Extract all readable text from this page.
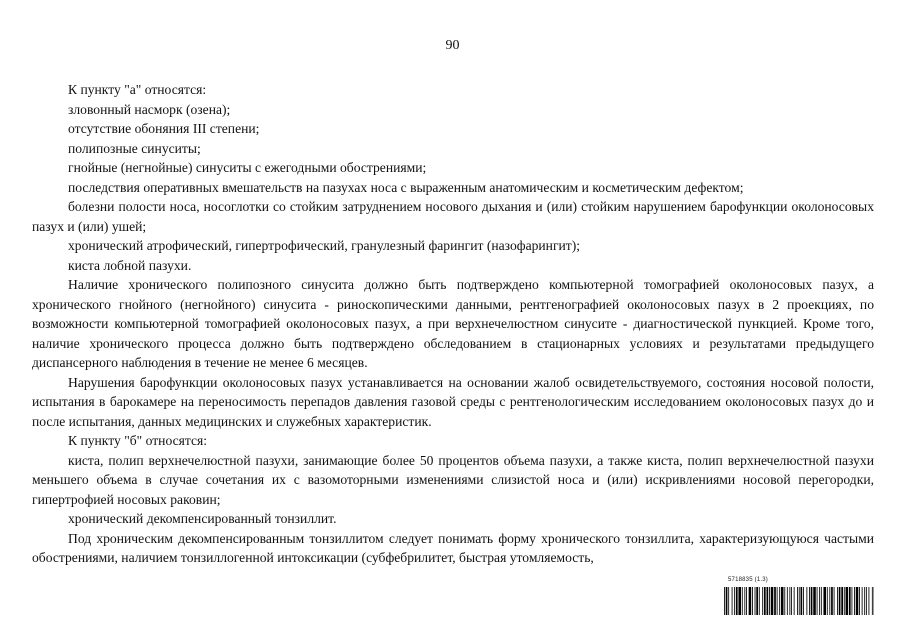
90

К пункту "а" относятся:

зловонный насморк (озена);

отсутствие обоняния III степени;

полипозные синуситы;

гнойные (негнойные) синуситы с ежегодными обострениями;

последствия оперативных вмешательств на пазухах носа с выраженным анатомическим и косметическим дефектом;

болезни полости носа, носоглотки со стойким затруднением носового дыхания и (или) стойким нарушением барофункции околоносовых пазух и (или) ушей;

хронический атрофический, гипертрофический, гранулезный фарингит (назофарингит);

киста лобной пазухи.

Наличие хронического полипозного синусита должно быть подтверждено компьютерной томографией околоносовых пазух, а хронического гнойного (негнойного) синусита - риноскопическими данными, рентгенографией околоносовых пазух в 2 проекциях, по возможности компьютерной томографией околоносовых пазух, а при верхнечелюстном синусите - диагностической пункцией. Кроме того, наличие хронического процесса должно быть подтверждено обследованием в стационарных условиях и результатами предыдущего диспансерного наблюдения в течение не менее 6 месяцев.

Нарушения барофункции околоносовых пазух устанавливается на основании жалоб освидетельствуемого, состояния носовой полости, испытания в барокамере на переносимость перепадов давления газовой среды с рентгенологическим исследованием околоносовых пазух до и после испытания, данных медицинских и служебных характеристик.

К пункту "б" относятся:

киста, полип верхнечелюстной пазухи, занимающие более 50 процентов объема пазухи, а также киста, полип верхнечелюстной пазухи меньшего объема в случае сочетания их с вазомоторными изменениями слизистой носа и (или) искривлениями носовой перегородки, гипертрофией носовых раковин;

хронический декомпенсированный тонзиллит.

Под хроническим декомпенсированным тонзиллитом следует понимать форму хронического тонзиллита, характеризующуюся частыми обострениями, наличием тонзиллогенной интоксикации (субфебрилитет, быстрая утомляемость,

5718835 (1.3)
